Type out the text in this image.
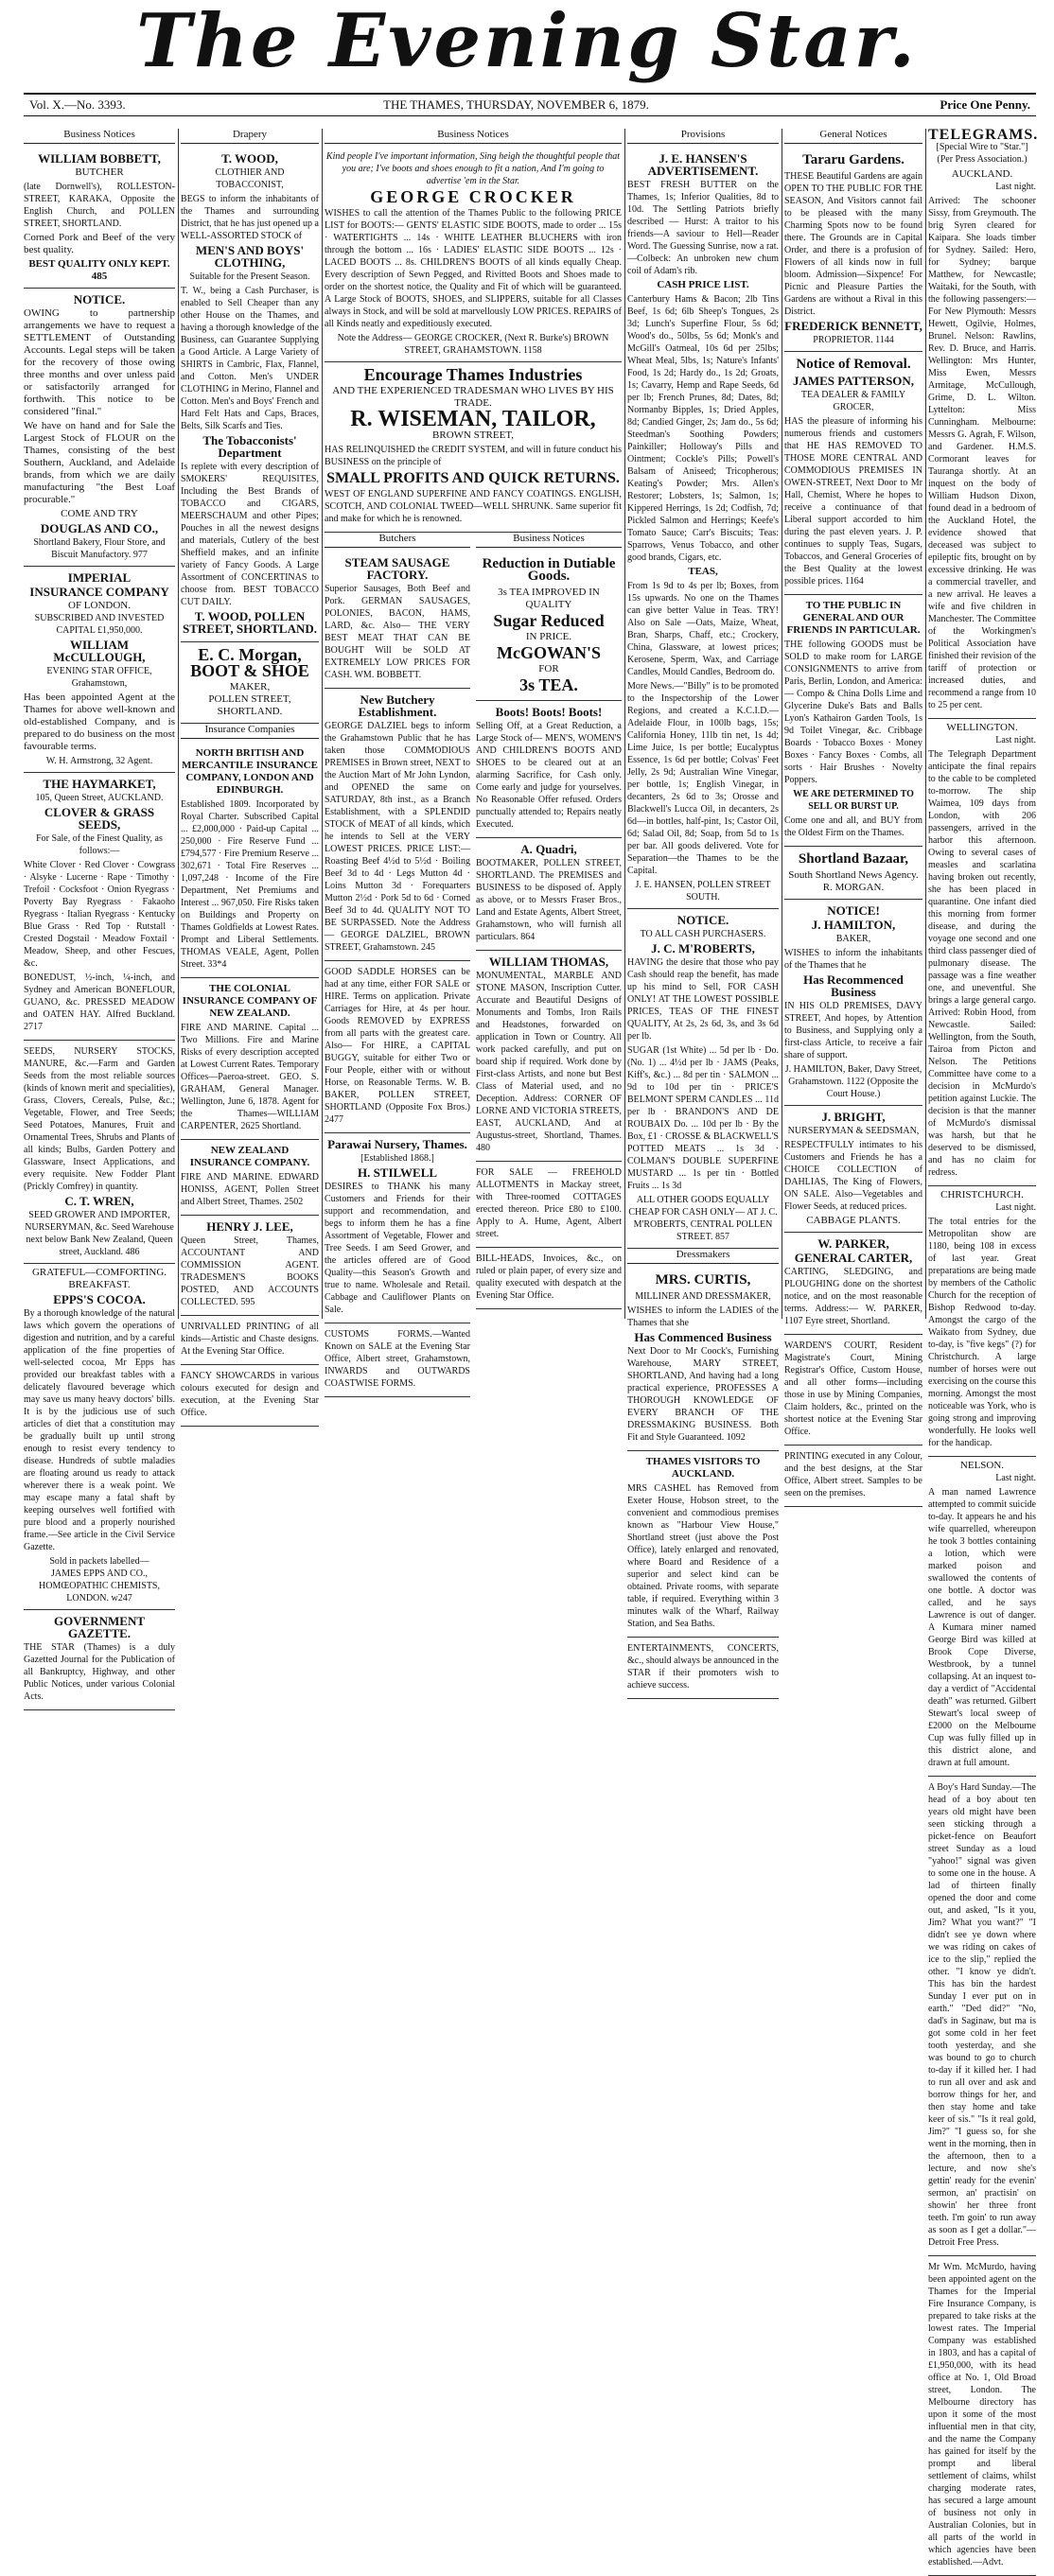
The Evening Star.
Vol. X.—No. 3393.	THE THAMES, THURSDAY, NOVEMBER 6, 1879.	Price One Penny.
Business Notices
WILLIAM BOBBETT,
BUTCHER

(late Dornwell's), ROLLESTON-STREET, KARAKA, Opposite the English Church, and POLLEN STREET, SHORTLAND.

Corned Pork and Beef of the very best quality.

BEST QUALITY ONLY KEPT. 485
NOTICE.

OWING to partnership arrangements we have to request a SETTLEMENT of Outstanding Accounts. Legal steps will be taken for the recovery of those owing three months and over unless paid or satisfactorily arranged for forthwith. This notice to be considered "final."

We have on hand and for Sale the Largest Stock of FLOUR on the Thames, consisting of the best Southern, Auckland, and Adelaide brands, from which we are daily manufacturing "the Best Loaf procurable."

COME AND TRY
DOUGLAS AND CO.,
Shortland Bakery, Flour Store, and Biscuit Manufactory. 977
IMPERIAL
INSURANCE COMPANY
OF LONDON.
SUBSCRIBED AND INVESTED CAPITAL £1,950,000.
WILLIAM McCULLOUGH,
EVENING STAR OFFICE, Grahamstown,

Has been appointed Agent at the Thames for above well-known and old-established Company, and is prepared to do business on the most favourable terms.

W. H. Armstrong, 32 Agent.
THE HAYMARKET,
105, Queen Street, AUCKLAND.
CLOVER & GRASS SEEDS,
For Sale, of the Finest Quality, as follows:—

White Clover · Red Clover · Cowgrass · Alsyke · Lucerne · Rape · Timothy · Trefoil · Cocksfoot · Onion Ryegrass · Poverty Bay Ryegrass · Fakaoho Ryegrass · Italian Ryegrass · Kentucky Blue Grass · Red Top · Rutstall · Crested Dogstail · Meadow Foxtail · Meadow, Sheep, and other Fescues, &c.

BONEDUST, ½-inch, ¼-inch, and Sydney and American BONEFLOUR, GUANO, &c. PRESSED MEADOW and OATEN HAY. Alfred Buckland. 2717

SEEDS, NURSERY STOCKS, MANURE, &c.—Farm and Garden Seeds from the most reliable sources (kinds of known merit and specialities), Grass, Clovers, Cereals, Pulse, &c.; Vegetable, Flower, and Tree Seeds; Seed Potatoes, Manures, Fruit and Ornamental Trees, Shrubs and Plants of all kinds; Bulbs, Garden Pottery and Glassware, Insect Applications, and every requisite. New Fodder Plant (Prickly Comfrey) in quantity.

C. T. WREN,
SEED GROWER AND IMPORTER, NURSERYMAN, &c. Seed Warehouse next below Bank New Zealand, Queen street, Auckland. 486
GRATEFUL—COMFORTING.
BREAKFAST.
EPPS'S COCOA.

By a thorough knowledge of the natural laws which govern the operations of digestion and nutrition, and by a careful application of the fine properties of well-selected cocoa, Mr Epps has provided our breakfast tables with a delicately flavoured beverage which may save us many heavy doctors' bills. It is by the judicious use of such articles of diet that a constitution may be gradually built up until strong enough to resist every tendency to disease. Hundreds of subtle maladies are floating around us ready to attack wherever there is a weak point. We may escape many a fatal shaft by keeping ourselves well fortified with pure blood and a properly nourished frame.—See article in the Civil Service Gazette.

Sold in packets labelled—
JAMES EPPS AND CO., HOMŒOPATHIC CHEMISTS, LONDON. w247
GOVERNMENT GAZETTE.

THE STAR (Thames) is a duly Gazetted Journal for the Publication of all Bankruptcy, Highway, and other Public Notices, under various Colonial Acts.

Drapery
T. WOOD,
CLOTHIER AND TOBACCONIST,

BEGS to inform the inhabitants of the Thames and surrounding District, that he has just opened up a WELL-ASSORTED STOCK of

MEN'S AND BOYS' CLOTHING,
Suitable for the Present Season.

T. W., being a Cash Purchaser, is enabled to Sell Cheaper than any other House on the Thames, and having a thorough knowledge of the Business, can Guarantee Supplying a Good Article. A Large Variety of SHIRTS in Cambric, Flax, Flannel, and Cotton. Men's UNDER CLOTHING in Merino, Flannel and Cotton. Men's and Boys' French and Hard Felt Hats and Caps, Braces, Belts, Silk Scarfs and Ties.

The Tobacconists' Department

Is replete with every description of SMOKERS' REQUISITES, Including the Best Brands of TOBACCO and CIGARS, MEERSCHAUM and other Pipes; Pouches in all the newest designs and materials, Cutlery of the best Sheffield makes, and an infinite variety of Fancy Goods. A Large Assortment of CONCERTINAS to choose from. BEST TOBACCO CUT DAILY.

T. WOOD, POLLEN STREET, SHORTLAND.
E. C. Morgan,
BOOT & SHOE
MAKER,
POLLEN STREET,
SHORTLAND.
Insurance Companies
NORTH BRITISH AND MERCANTILE INSURANCE COMPANY, LONDON AND EDINBURGH.

Established 1809. Incorporated by Royal Charter. Subscribed Capital ... £2,000,000 · Paid-up Capital ... 250,000 · Fire Reserve Fund ... £794,577 · Fire Premium Reserve ... 302,671 · Total Fire Reserves ... 1,097,248 · Income of the Fire Department, Net Premiums and Interest ... 967,050. Fire Risks taken on Buildings and Property on Thames Goldfields at Lowest Rates. Prompt and Liberal Settlements. THOMAS VEALE, Agent, Pollen Street. 33*4

THE COLONIAL INSURANCE COMPANY OF NEW ZEALAND.

FIRE AND MARINE. Capital ... Two Millions. Fire and Marine Risks of every description accepted at Lowest Current Rates. Temporary Offices—Paeroa-street. GEO. S. GRAHAM, General Manager. Wellington, June 6, 1878. Agent for the Thames—WILLIAM CARPENTER, 2625 Shortland.

NEW ZEALAND INSURANCE COMPANY.

FIRE AND MARINE. EDWARD HONISS, AGENT, Pollen Street and Albert Street, Thames. 2502

HENRY J. LEE,

Queen Street, Thames, ACCOUNTANT AND COMMISSION AGENT. TRADESMEN'S BOOKS POSTED, AND ACCOUNTS COLLECTED. 595

UNRIVALLED PRINTING of all kinds—Artistic and Chaste designs. At the Evening Star Office.

FANCY SHOWCARDS in various colours executed for design and execution, at the Evening Star Office.

Business Notices
Kind people I've important information, Sing heigh the thoughtful people that you are; I've boots and shoes enough to fit a nation, And I'm going to advertise 'em in the Star.
GEORGE CROCKER

WISHES to call the attention of the Thames Public to the following PRICE LIST for BOOTS:— GENTS' ELASTIC SIDE BOOTS, made to order ... 15s · WATERTIGHTS ... 14s · WHITE LEATHER BLUCHERS with iron through the bottom ... 16s · LADIES' ELASTIC SIDE BOOTS ... 12s · LACED BOOTS ... 8s. CHILDREN'S BOOTS of all kinds equally Cheap. Every description of Sewn Pegged, and Rivitted Boots and Shoes made to order on the shortest notice, the Quality and Fit of which will be guaranteed. A Large Stock of BOOTS, SHOES, and SLIPPERS, suitable for all Classes always in Stock, and will be sold at marvellously LOW PRICES. REPAIRS of all Kinds neatly and expeditiously executed.

Note the Address— GEORGE CROCKER, (Next R. Burke's) BROWN STREET, GRAHAMSTOWN. 1158
Encourage Thames Industries
AND THE EXPERIENCED TRADESMAN WHO LIVES BY HIS TRADE.
R. WISEMAN, TAILOR,
BROWN STREET,

HAS RELINQUISHED the CREDIT SYSTEM, and will in future conduct his BUSINESS on the principle of

SMALL PROFITS AND QUICK RETURNS.

WEST OF ENGLAND SUPERFINE AND FANCY COATINGS. ENGLISH, SCOTCH, AND COLONIAL TWEED—WELL SHRUNK. Same superior fit and make for which he is renowned.

Butchers
STEAM SAUSAGE FACTORY.

Superior Sausages, Both Beef and Pork. GERMAN SAUSAGES, POLONIES, BACON, HAMS, LARD, &c. Also— THE VERY BEST MEAT THAT CAN BE BOUGHT Will be SOLD AT EXTREMELY LOW PRICES FOR CASH. WM. BOBBETT.

New Butchery Establishment.

GEORGE DALZIEL begs to inform the Grahamstown Public that he has taken those COMMODIOUS PREMISES in Brown street, NEXT to the Auction Mart of Mr John Lyndon, and OPENED the same on SATURDAY, 8th inst., as a Branch Establishment, with a SPLENDID STOCK of MEAT of all kinds, which he intends to Sell at the VERY LOWEST PRICES. PRICE LIST:— Roasting Beef 4½d to 5½d · Boiling Beef 3d to 4d · Legs Mutton 4d · Loins Mutton 3d · Forequarters Mutton 2½d · Pork 5d to 6d · Corned Beef 3d to 4d. QUALITY NOT TO BE SURPASSED. Note the Address— GEORGE DALZIEL, BROWN STREET, Grahamstown. 245

GOOD SADDLE HORSES can be had at any time, either FOR SALE or HIRE. Terms on application. Private Carriages for Hire, at 4s per hour. Goods REMOVED by EXPRESS from all parts with the greatest care. Also— For HIRE, a CAPITAL BUGGY, suitable for either Two or Four People, either with or without Horse, on Reasonable Terms. W. B. BAKER, POLLEN STREET, SHORTLAND (Opposite Fox Bros.) 2477

Parawai Nursery, Thames.
[Established 1868.]
H. STILWELL

DESIRES to THANK his many Customers and Friends for their support and recommendation, and begs to inform them he has a fine Assortment of Vegetable, Flower and Tree Seeds. I am Seed Grower, and the articles offered are of Good Quality—this Season's Growth and true to name. Wholesale and Retail. Cabbage and Cauliflower Plants on Sale.

CUSTOMS FORMS.—Wanted Known on SALE at the Evening Star Office, Albert street, Grahamstown, INWARDS and OUTWARDS COASTWISE FORMS.

Business Notices
Reduction in Dutiable Goods.
3s TEA IMPROVED IN QUALITY
Sugar Reduced
IN PRICE.
McGOWAN'S
FOR
3s TEA.
Boots! Boots! Boots!

Selling Off, at a Great Reduction, a Large Stock of— MEN'S, WOMEN'S AND CHILDREN'S BOOTS AND SHOES to be cleared out at an alarming Sacrifice, for Cash only. Come early and judge for yourselves. No Reasonable Offer refused. Orders punctually attended to; Repairs neatly Executed.

A. Quadri,

BOOTMAKER, POLLEN STREET, SHORTLAND. The PREMISES and BUSINESS to be disposed of. Apply as above, or to Messrs Fraser Bros., Land and Estate Agents, Albert Street, Grahamstown, who will furnish all particulars. 864

WILLIAM THOMAS,

MONUMENTAL, MARBLE AND STONE MASON, Inscription Cutter. Accurate and Beautiful Designs of Monuments and Tombs, Iron Rails and Headstones, forwarded on application in Town or Country. All work packed carefully, and put on board ship if required. Work done by First-class Artists, and none but Best Class of Material used, and no Deception. Address: CORNER OF LORNE AND VICTORIA STREETS, EAST, AUCKLAND, And at Augustus-street, Shortland, Thames. 480

FOR SALE — FREEHOLD ALLOTMENTS in Mackay street, with Three-roomed COTTAGES erected thereon. Price £80 to £100. Apply to A. Hume, Agent, Albert street.

BILL-HEADS, Invoices, &c., on ruled or plain paper, of every size and quality executed with despatch at the Evening Star Office.

Provisions
J. E. HANSEN'S ADVERTISEMENT.

BEST FRESH BUTTER on the Thames, 1s; Inferior Qualities, 8d to 10d. The Settling Patriots briefly described — Hurst: A traitor to his friends—A saviour to Hell—Reader Word. The Guessing Sunrise, now a rat.—Colbeck: An unbroken new chum coil of Adam's rib.

CASH PRICE LIST.

Canterbury Hams & Bacon; 2lb Tins Beef, 1s 6d; 6lb Sheep's Tongues, 2s 3d; Lunch's Superfine Flour, 5s 6d; Wood's do., 50lbs, 5s 6d; Monk's and McGill's Oatmeal, 10s 6d per 25lbs; Wheat Meal, 5lbs, 1s; Nature's Infants' Food, 1s 2d; Hardy do., 1s 2d; Groats, 1s; Cavarry, Hemp and Rape Seeds, 6d per lb; French Prunes, 8d; Dates, 8d; Normanby Bipples, 1s; Dried Apples, 8d; Candied Ginger, 2s; Jam do., 5s 6d; Steedman's Soothing Powders; Painkiller; Holloway's Pills and Ointment; Cockle's Pills; Powell's Balsam of Aniseed; Tricopherous; Keating's Powder; Mrs. Allen's Restorer; Lobsters, 1s; Salmon, 1s; Kippered Herrings, 1s 2d; Codfish, 7d; Pickled Salmon and Herrings; Keefe's Tomato Sauce; Carr's Biscuits; Teas: Sparrows, Venus Tobacco, and other good brands, Cigars, etc.

TEAS,

From 1s 9d to 4s per lb; Boxes, from 15s upwards. No one on the Thames can give better Value in Teas. TRY! Also on Sale —Oats, Maize, Wheat, Bran, Sharps, Chaff, etc.; Crockery, China, Glassware, at lowest prices; Kerosene, Sperm, Wax, and Carriage Candles, Mould Candles, Bedroom do.

More News.—"Billy" is to be promoted to the Inspectorship of the Lower Regions, and created a K.C.I.D.—Adelaide Flour, in 100lb bags, 15s; California Honey, 11lb tin net, 1s 4d; Lime Juice, 1s per bottle; Eucalyptus Essence, 1s 6d per bottle; Colvas' Feet Jelly, 2s 9d; Australian Wine Vinegar, per bottle, 1s; English Vinegar, in decanters, 2s 6d to 3s; Orosse and Blackwell's Lucca Oil, in decanters, 2s 6d—in bottles, half-pint, 1s; Castor Oil, 6d; Salad Oil, 8d; Soap, from 5d to 1s per bar. All goods delivered. Vote for Separation—the Thames to be the Capital.

J. E. HANSEN, POLLEN STREET SOUTH.
NOTICE.
TO ALL CASH PURCHASERS.
J. C. M'ROBERTS,

HAVING the desire that those who pay Cash should reap the benefit, has made up his mind to Sell, FOR CASH ONLY! AT THE LOWEST POSSIBLE PRICES, TEAS OF THE FINEST QUALITY, At 2s, 2s 6d, 3s, and 3s 6d per lb.

SUGAR (1st White) ... 5d per lb · Do. (No. 1) ... 4½d per lb · JAMS (Peaks, Kiff's, &c.) ... 8d per tin · SALMON ... 9d to 10d per tin · PRICE'S BELMONT SPERM CANDLES ... 11d per lb · BRANDON'S AND DE ROUBAIX Do. ... 10d per lb · By the Box, £1 · CROSSE & BLACKWELL'S POTTED MEATS ... 1s 3d · COLMAN'S DOUBLE SUPERFINE MUSTARD ... 1s per tin · Bottled Fruits ... 1s 3d

ALL OTHER GOODS EQUALLY CHEAP FOR CASH ONLY— AT J. C. M'ROBERTS, CENTRAL POLLEN STREET. 857
Dressmakers
MRS. CURTIS,
MILLINER AND DRESSMAKER,

WISHES to inform the LADIES of the Thames that she

Has Commenced Business

Next Door to Mr Coock's, Furnishing Warehouse, MARY STREET, SHORTLAND, And having had a long practical experience, PROFESSES A THOROUGH KNOWLEDGE OF EVERY BRANCH OF THE DRESSMAKING BUSINESS. Both Fit and Style Guaranteed. 1092

THAMES VISITORS TO AUCKLAND.

MRS CASHEL has Removed from Exeter House, Hobson street, to the convenient and commodious premises known as "Harbour View House," Shortland street (just above the Post Office), lately enlarged and renovated, where Board and Residence of a superior and select kind can be obtained. Private rooms, with separate table, if required. Everything within 3 minutes walk of the Wharf, Railway Station, and Sea Baths.

ENTERTAINMENTS, CONCERTS, &c., should always be announced in the STAR if their promoters wish to achieve success.

General Notices
Tararu Gardens.

THESE Beautiful Gardens are again OPEN TO THE PUBLIC FOR THE SEASON, And Visitors cannot fail to be pleased with the many Charming Spots now to be found there. The Grounds are in Capital Order, and there is a profusion of Flowers of all kinds now in full bloom. Admission—Sixpence! For Picnic and Pleasure Parties the Gardens are without a Rival in this District.

FREDERICK BENNETT,
PROPRIETOR. 1144
Notice of Removal.
JAMES PATTERSON,
TEA DEALER & FAMILY GROCER,

HAS the pleasure of informing his numerous friends and customers that HE HAS REMOVED TO THOSE MORE CENTRAL AND COMMODIOUS PREMISES IN OWEN-STREET, Next Door to Mr Hall, Chemist, Where he hopes to receive a continuance of that Liberal support accorded to him during the past eleven years. J. P. continues to supply Teas, Sugars, Tobaccos, and General Groceries of the Best Quality at the lowest possible prices. 1164

TO THE PUBLIC IN GENERAL AND OUR FRIENDS IN PARTICULAR.

THE following GOODS must be SOLD to make room for LARGE CONSIGNMENTS to arrive from Paris, Berlin, London, and America:— Compo & China Dolls Lime and Glycerine Duke's Bats and Balls Lyon's Kathairon Garden Tools, 1s 9d Toilet Vinegar, &c. Cribbage Boards · Tobacco Boxes · Money Boxes · Fancy Boxes · Combs, all sorts · Hair Brushes · Novelty Poppers.

WE ARE DETERMINED TO SELL OR BURST UP.

Come one and all, and BUY from the Oldest Firm on the Thames.

Shortland Bazaar,
South Shortland News Agency.
R. MORGAN.
NOTICE!
J. HAMILTON,
BAKER,

WISHES to inform the inhabitants of the Thames that he

Has Recommenced Business

IN HIS OLD PREMISES, DAVY STREET, And hopes, by Attention to Business, and Supplying only a first-class Article, to receive a fair share of support.

J. HAMILTON, Baker, Davy Street, Grahamstown. 1122 (Opposite the Court House.)
J. BRIGHT,
NURSERYMAN & SEEDSMAN,

RESPECTFULLY intimates to his Customers and Friends he has a CHOICE COLLECTION of DAHLIAS, The King of Flowers, ON SALE. Also—Vegetables and Flower Seeds, at reduced prices.

CABBAGE PLANTS.
W. PARKER,
GENERAL CARTER,

CARTING, SLEDGING, and PLOUGHING done on the shortest notice, and on the most reasonable terms. Address:— W. PARKER, 1107 Eyre street, Shortland.

WARDEN'S COURT, Resident Magistrate's Court, Mining Registrar's Office, Custom House, and all other forms—including those in use by Mining Companies, Claim holders, &c., printed on the shortest notice at the Evening Star Office.

PRINTING executed in any Colour, and the best designs, at the Star Office, Albert street. Samples to be seen on the premises.

TELEGRAMS.
[Special Wire to "Star."]
(Per Press Association.)
AUCKLAND.
Last night.

Arrived: The schooner Sissy, from Greymouth. The brig Syren cleared for Kaipara. She loads timber for Sydney. Sailed: Hero, for Sydney; barque Matthew, for Newcastle; Waitaki, for the South, with the following passengers:—For New Plymouth: Messrs Hewett, Ogilvie, Holmes, Brunel. Nelson: Rawlins, Rev. D. Bruce, and Harris. Wellington: Mrs Hunter, Miss Ewen, Messrs Armitage, McCullough, Grime, D. L. Wilton. Lyttelton: Miss Cunningham. Melbourne: Messrs G. Agrah, F. Wilson, and Gardener. H.M.S. Cormorant leaves for Tauranga shortly. At an inquest on the body of William Hudson Dixon, found dead in a bedroom of the Auckland Hotel, the evidence showed that deceased was subject to epileptic fits, brought on by excessive drinking. He was a commercial traveller, and a new arrival. He leaves a wife and five children in Manchester. The Committee of the Workingmen's Political Association have finished their revision of the tariff of protection or increased duties, and recommend a range from 10 to 25 per cent.

WELLINGTON.
Last night.

The Telegraph Department anticipate the final repairs to the cable to be completed to-morrow. The ship Waimea, 109 days from London, with 206 passengers, arrived in the harbor this afternoon. Owing to several cases of measles and scarlatina having broken out recently, she has been placed in quarantine. One infant died this morning from former disease, and during the voyage one second and one third class passenger died of pulmonary disease. The passage was a fine weather one, and uneventful. She brings a large general cargo. Arrived: Robin Hood, from Newcastle. Sailed: Wellington, from the South, Tairoa from Picton and Nelson. The Petitions Committee have come to a decision in McMurdo's petition against Luckie. The decision is that the manner of McMurdo's dismissal was harsh, but that he deserved to be dismissed, and has no claim for redress.

CHRISTCHURCH.
Last night.

The total entries for the Metropolitan show are 1180, being 108 in excess of last year. Great preparations are being made by members of the Catholic Church for the reception of Bishop Redwood to-day. Amongst the cargo of the Waikato from Sydney, due to-day, is "five kegs" (?) for Christchurch. A large number of horses were out exercising on the course this morning. Amongst the most noticeable was York, who is going strong and improving wonderfully. He looks well for the handicap.

NELSON.
Last night.

A man named Lawrence attempted to commit suicide to-day. It appears he and his wife quarrelled, whereupon he took 3 bottles containing a lotion, which were marked poison and swallowed the contents of one bottle. A doctor was called, and he says Lawrence is out of danger. A Kumara miner named George Bird was killed at Brook Cope Diverse, Westbrook, by a tunnel collapsing. At an inquest to-day a verdict of "Accidental death" was returned. Gilbert Stewart's local sweep of £2000 on the Melbourne Cup was fully filled up in this district alone, and drawn at full amount.

A Boy's Hard Sunday.—The head of a boy about ten years old might have been seen sticking through a picket-fence on Beaufort street Sunday as a loud "yahoo!" signal was given to some one in the house. A lad of thirteen finally opened the door and come out, and asked, "Is it you, Jim? What you want?" "I didn't see ye down where we was riding on cakes of ice to the slip," replied the other. "I know ye didn't. This has bin the hardest Sunday I ever put on in earth." "Ded did?" "No, dad's in Saginaw, but ma is got some cold in her feet tooth yesterday, and she was bound to go to church to-day if it killed her. I had to run all over and ask and borrow things for her, and then stay home and take keer of sis." "Is it real gold, Jim?" "I guess so, for she went in the morning, then in the afternoon, then to a lecture, and now she's gettin' ready for the evenin' sermon, an' practisin' on showin' her three front teeth. I'm goin' to run away as soon as I get a dollar."—Detroit Free Press.

Mr Wm. McMurdo, having been appointed agent on the Thames for the Imperial Fire Insurance Company, is prepared to take risks at the lowest rates. The Imperial Company was established in 1803, and has a capital of £1,950,000, with its head office at No. 1, Old Broad street, London. The Melbourne directory has upon it some of the most influential men in that city, and the name the Company has gained for itself by the prompt and liberal settlement of claims, whilst charging moderate rates, has secured a large amount of business not only in Australian Colonies, but in all parts of the world in which agencies have been established.—Advt.
